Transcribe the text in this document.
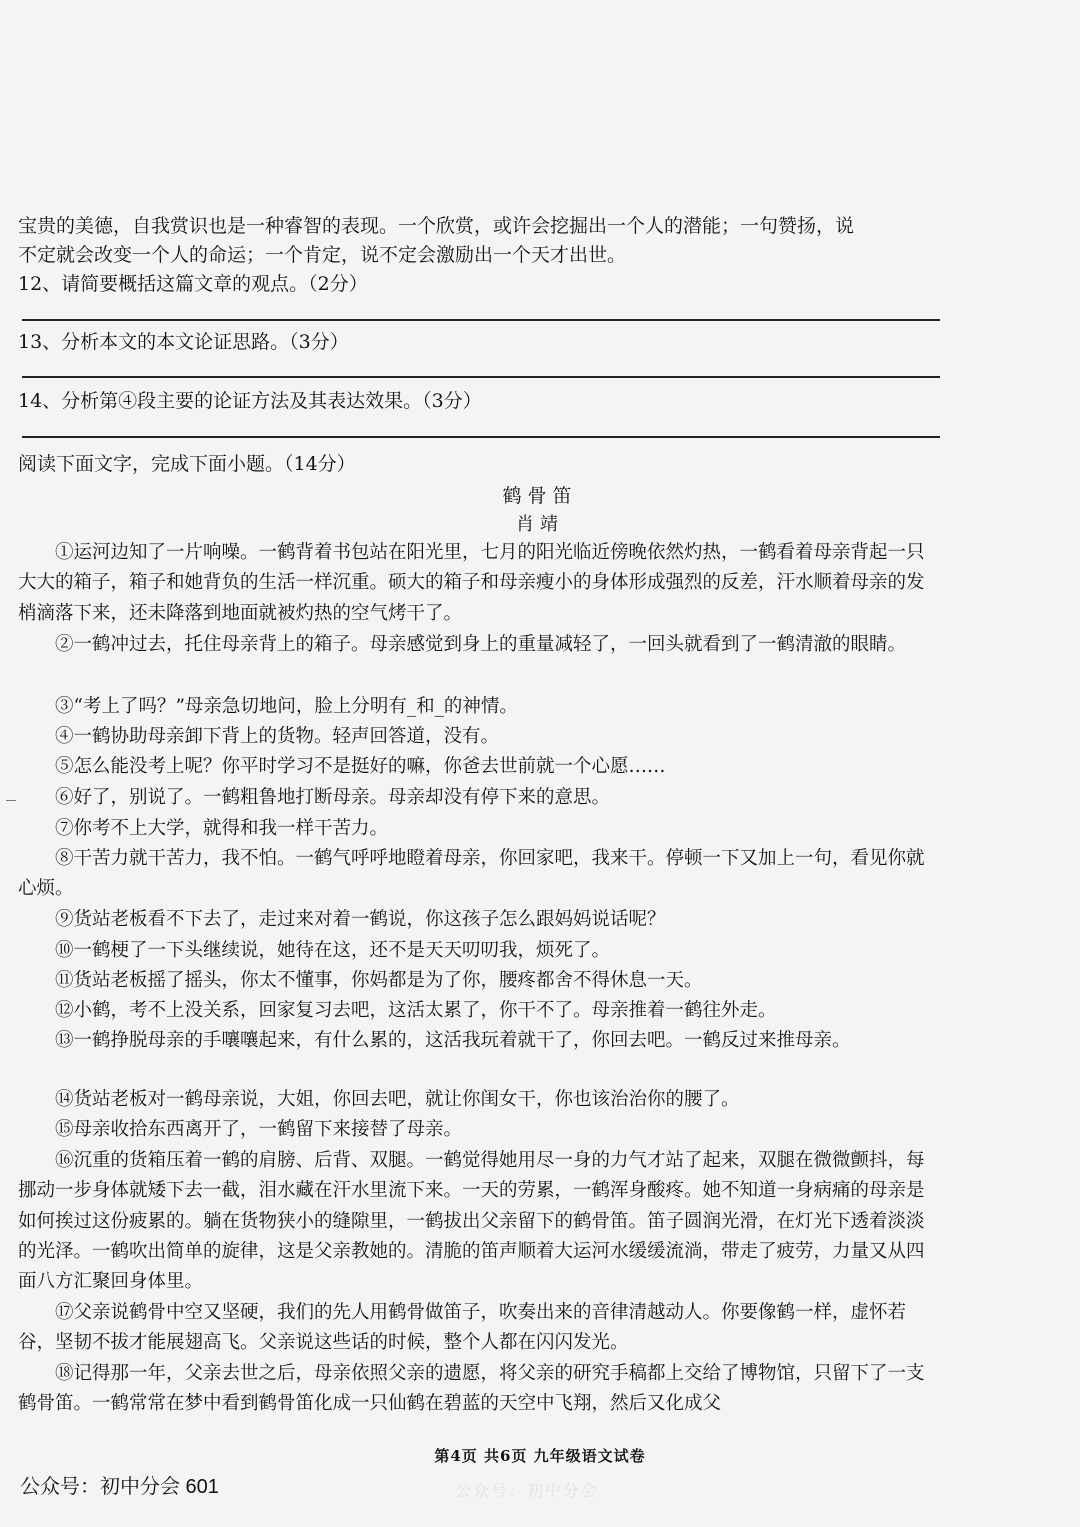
宝贵的美德，自我赏识也是一种睿智的表现。一个欣赏，或许会挖掘出一个人的潜能；一句赞扬，说
不定就会改变一个人的命运；一个肯定，说不定会激励出一个天才出世。
12、请简要概括这篇文章的观点。（2分）
13、分析本文的本文论证思路。（3分）
14、分析第④段主要的论证方法及其表达效果。（3分）
阅读下面文字，完成下面小题。（14分）
鹤骨笛
肖靖
①运河边知了一片响噪。一鹤背着书包站在阳光里，七月的阳光临近傍晚依然灼热，一鹤看着母亲背起一只大大的箱子，箱子和她背负的生活一样沉重。硕大的箱子和母亲瘦小的身体形成强烈的反差，汗水顺着母亲的发梢滴落下来，还未降落到地面就被灼热的空气烤干了。
②一鹤冲过去，托住母亲背上的箱子。母亲感觉到身上的重量减轻了，一回头就看到了一鹤清澈的眼睛。
③“考上了吗？”母亲急切地问，脸上分明有_和_的神情。
④一鹤协助母亲卸下背上的货物。轻声回答道，没有。
⑤怎么能没考上呢？你平时学习不是挺好的嘛，你爸去世前就一个心愿……
⑥好了，别说了。一鹤粗鲁地打断母亲。母亲却没有停下来的意思。
⑦你考不上大学，就得和我一样干苦力。
⑧干苦力就干苦力，我不怕。一鹤气呼呼地瞪着母亲，你回家吧，我来干。停顿一下又加上一句，看见你就心烦。
⑨货站老板看不下去了，走过来对着一鹤说，你这孩子怎么跟妈妈说话呢？
⑩一鹤梗了一下头继续说，她待在这，还不是天天叨叨我，烦死了。
⑪货站老板摇了摇头，你太不懂事，你妈都是为了你，腰疼都舍不得休息一天。
⑫小鹤，考不上没关系，回家复习去吧，这活太累了，你干不了。母亲推着一鹤往外走。
⑬一鹤挣脱母亲的手嚷嚷起来，有什么累的，这活我玩着就干了，你回去吧。一鹤反过来推母亲。
⑭货站老板对一鹤母亲说，大姐，你回去吧，就让你闺女干，你也该治治你的腰了。
⑮母亲收拾东西离开了，一鹤留下来接替了母亲。
⑯沉重的货箱压着一鹤的肩膀、后背、双腿。一鹤觉得她用尽一身的力气才站了起来，双腿在微微颤抖，每挪动一步身体就矮下去一截，泪水藏在汗水里流下来。一天的劳累，一鹤浑身酸疼。她不知道一身病痛的母亲是如何挨过这份疲累的。躺在货物狭小的缝隙里，一鹤拔出父亲留下的鹤骨笛。笛子圆润光滑，在灯光下透着淡淡的光泽。一鹤吹出简单的旋律，这是父亲教她的。清脆的笛声顺着大运河水缓缓流淌，带走了疲劳，力量又从四面八方汇聚回身体里。
⑰父亲说鹤骨中空又坚硬，我们的先人用鹤骨做笛子，吹奏出来的音律清越动人。你要像鹤一样，虚怀若谷，坚韧不拔才能展翅高飞。父亲说这些话的时候，整个人都在闪闪发光。
⑱记得那一年，父亲去世之后，母亲依照父亲的遗愿，将父亲的研究手稿都上交给了博物馆，只留下了一支鹤骨笛。一鹤常常在梦中看到鹤骨笛化成一只仙鹤在碧蓝的天空中飞翔，然后又化成父
第4页 共6页 九年级语文试卷
公众号：初中分会
公众号：初中分会 601
